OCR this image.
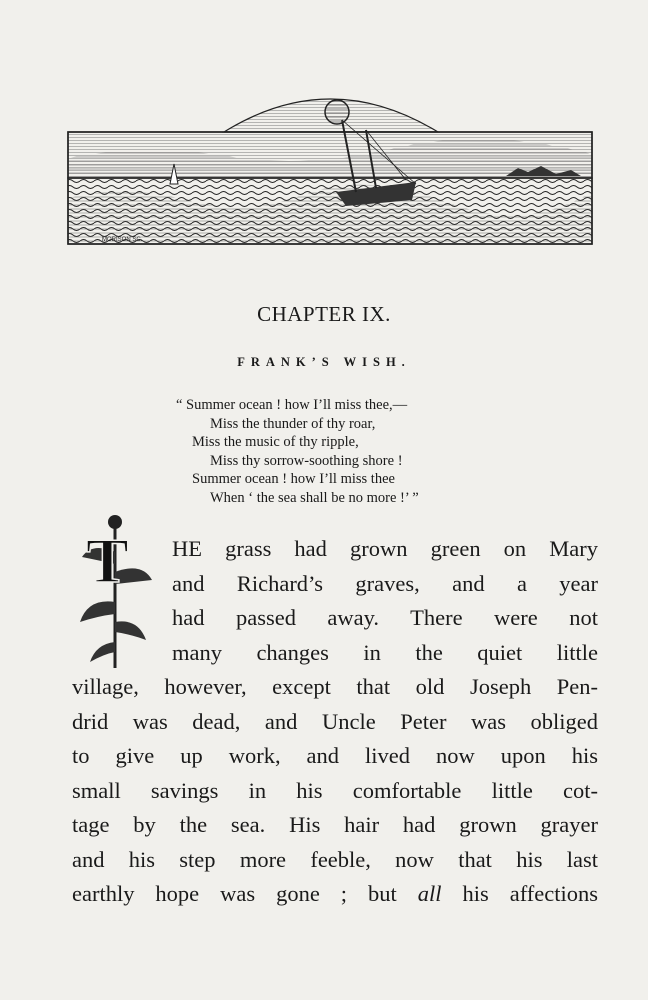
MORISON SC.
CHAPTER IX.
FRANK’S WISH.
“ Summer ocean ! how I’ll miss thee,—
Miss the thunder of thy roar,
Miss the music of thy ripple,
Miss thy sorrow-soothing shore !
Summer ocean ! how I’ll miss thee
When ‘ the sea shall be no more !’ ”
T HE grass had grown green on Mary
and Richard’s graves, and a year
had passed away. There were not
many changes in the quiet little
village, however, except that old Joseph Pen-
drid was dead, and Uncle Peter was obliged
to give up work, and lived now upon his
small savings in his comfortable little cot-
tage by the sea. His hair had grown grayer
and his step more feeble, now that his last
earthly hope was gone ; but all his affections
